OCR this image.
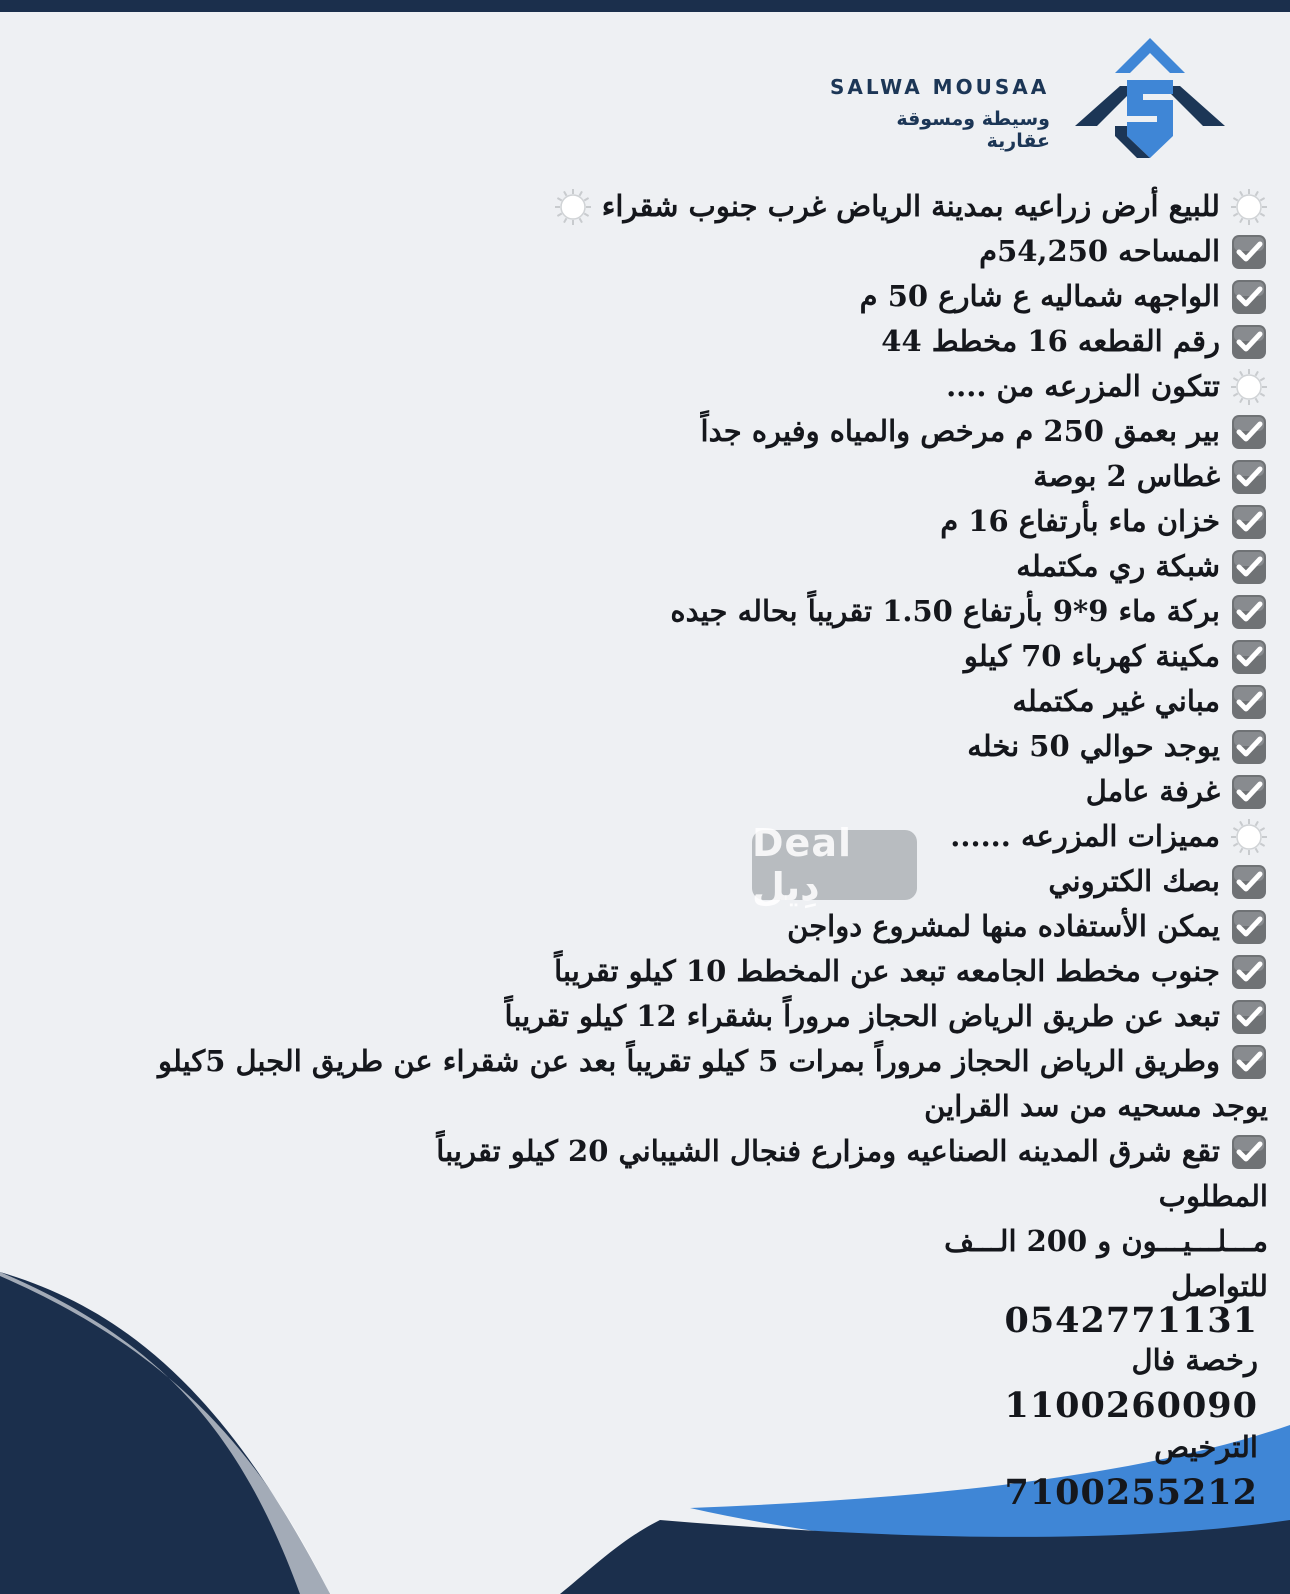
SALWA MOUSAA
وسيطة ومسوقة عقارية
للبيع أرض زراعيه بمدينة الرياض غرب جنوب شقراء
المساحه 54,250م
الواجهه شماليه ع شارع 50 م
رقم القطعه 16 مخطط 44
تتكون المزرعه من ....
بير بعمق 250 م مرخص والمياه وفيره جداً
غطاس 2 بوصة
خزان ماء بأرتفاع 16 م
شبكة ري مكتمله
بركة ماء 9*9 بأرتفاع 1.50 تقريباً بحاله جيده
مكينة كهرباء 70 كيلو
مباني غير مكتمله
يوجد حوالي 50 نخله
غرفة عامل
مميزات المزرعه ......
بصك الكتروني
يمكن الأستفاده منها لمشروع دواجن
جنوب مخطط الجامعه تبعد عن المخطط 10 كيلو تقريباً
تبعد عن طريق الرياض الحجاز مروراً بشقراء 12 كيلو تقريباً
وطريق الرياض الحجاز مروراً بمرات 5 كيلو تقريباً بعد عن شقراء عن طريق الجبل 5كيلو
يوجد مسحيه من سد القراين
تقع شرق المدينه الصناعيه ومزارع فنجال الشيباني 20 كيلو تقريباً
المطلوب
مـــلـــيـــون و 200 الـــف
للتواصل
Deal دِيل
0542771131
رخصة فال
1100260090
الترخيص
7100255212
